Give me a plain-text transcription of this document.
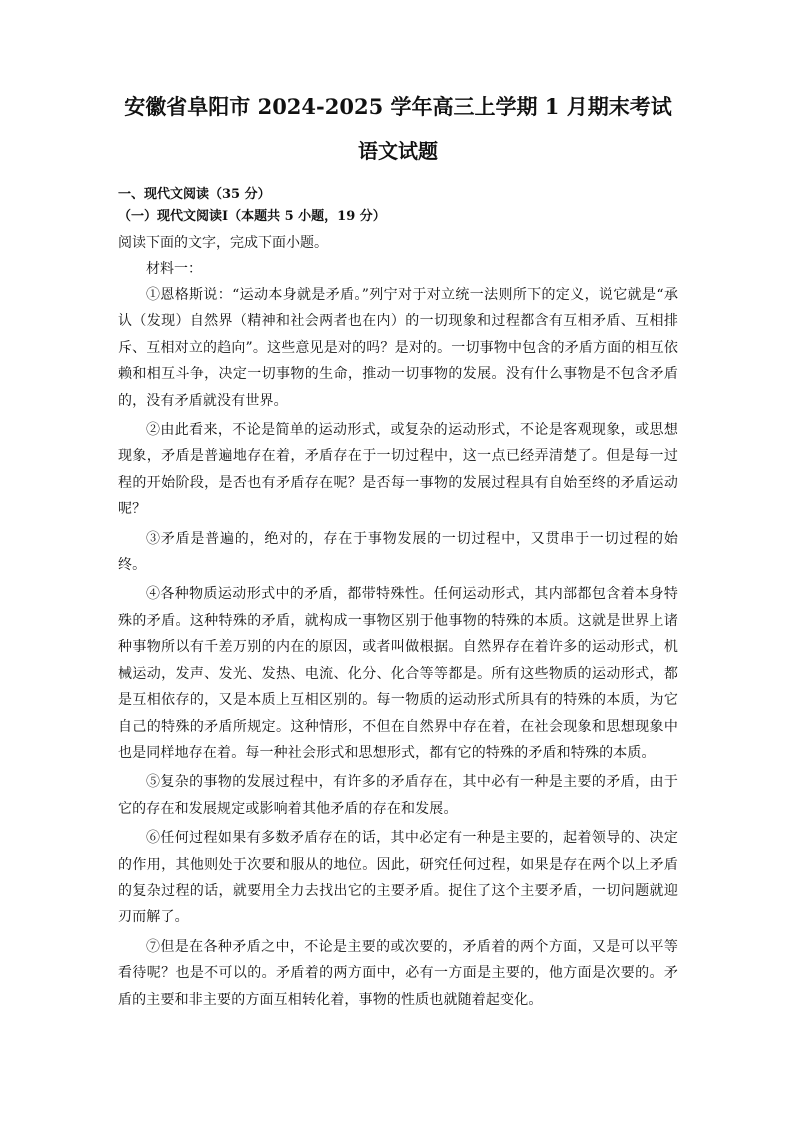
安徽省阜阳市 2024-2025 学年高三上学期 1 月期末考试
语文试题

一、现代文阅读（35 分）

（一）现代文阅读Ⅰ（本题共 5 小题，19 分）

阅读下面的文字，完成下面小题。

材料一：

①恩格斯说：“运动本身就是矛盾。”列宁对于对立统一法则所下的定义，说它就是“承认（发现）自然界（精神和社会两者也在内）的一切现象和过程都含有互相矛盾、互相排斥、互相对立的趋向”。这些意见是对的吗？是对的。一切事物中包含的矛盾方面的相互依赖和相互斗争，决定一切事物的生命，推动一切事物的发展。没有什么事物是不包含矛盾的，没有矛盾就没有世界。

②由此看来，不论是简单的运动形式，或复杂的运动形式，不论是客观现象，或思想现象，矛盾是普遍地存在着，矛盾存在于一切过程中，这一点已经弄清楚了。但是每一过程的开始阶段，是否也有矛盾存在呢？是否每一事物的发展过程具有自始至终的矛盾运动呢？

③矛盾是普遍的，绝对的，存在于事物发展的一切过程中，又贯串于一切过程的始终。

④各种物质运动形式中的矛盾，都带特殊性。任何运动形式，其内部都包含着本身特殊的矛盾。这种特殊的矛盾，就构成一事物区别于他事物的特殊的本质。这就是世界上诸种事物所以有千差万别的内在的原因，或者叫做根据。自然界存在着许多的运动形式，机械运动，发声、发光、发热、电流、化分、化合等等都是。所有这些物质的运动形式，都是互相依存的，又是本质上互相区别的。每一物质的运动形式所具有的特殊的本质，为它自己的特殊的矛盾所规定。这种情形，不但在自然界中存在着，在社会现象和思想现象中也是同样地存在着。每一种社会形式和思想形式，都有它的特殊的矛盾和特殊的本质。

⑤复杂的事物的发展过程中，有许多的矛盾存在，其中必有一种是主要的矛盾，由于它的存在和发展规定或影响着其他矛盾的存在和发展。

⑥任何过程如果有多数矛盾存在的话，其中必定有一种是主要的，起着领导的、决定的作用，其他则处于次要和服从的地位。因此，研究任何过程，如果是存在两个以上矛盾的复杂过程的话，就要用全力去找出它的主要矛盾。捉住了这个主要矛盾，一切问题就迎刃而解了。

⑦但是在各种矛盾之中，不论是主要的或次要的，矛盾着的两个方面，又是可以平等看待呢？也是不可以的。矛盾着的两方面中，必有一方面是主要的，他方面是次要的。矛盾的主要和非主要的方面互相转化着，事物的性质也就随着起变化。
